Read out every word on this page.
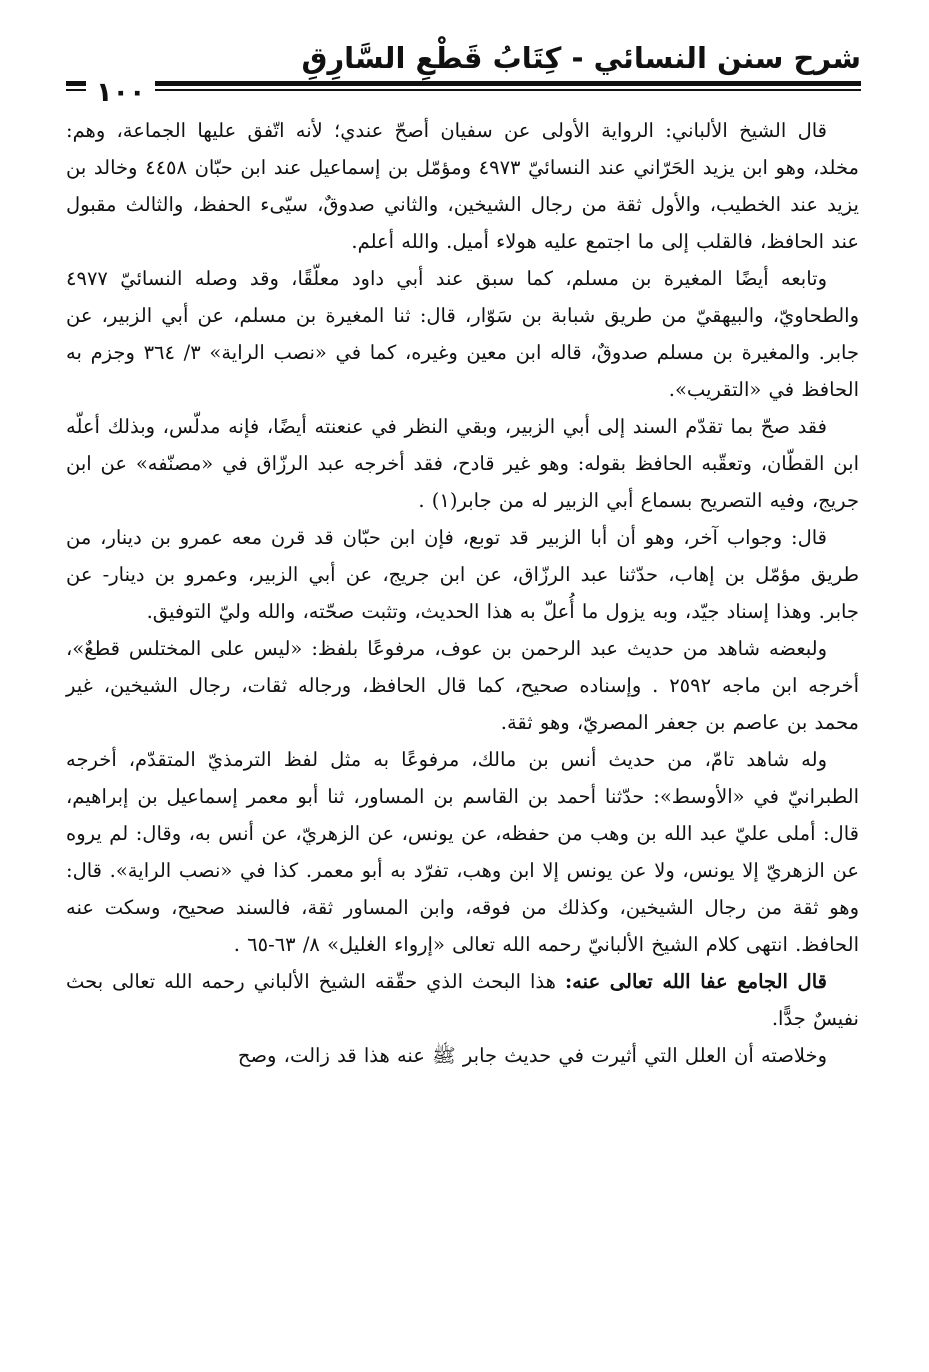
شرح سنن النسائي - كِتَابُ قَطْعِ السَّارِقِ
١٠٠

قال الشيخ الألباني: الرواية الأولى عن سفيان أصحّ عندي؛ لأنه اتّفق عليها الجماعة، وهم: مخلد، وهو ابن يزيد الحَرّاني عند النسائيّ ٤٩٧٣ ومؤمّل بن إسماعيل عند ابن حبّان ٤٤٥٨ وخالد بن يزيد عند الخطيب، والأول ثقة من رجال الشيخين، والثاني صدوقٌ، سيّىء الحفظ، والثالث مقبول عند الحافظ، فالقلب إلى ما اجتمع عليه هولاء أميل. والله أعلم.

وتابعه أيضًا المغيرة بن مسلم، كما سبق عند أبي داود معلّقًا، وقد وصله النسائيّ ٤٩٧٧ والطحاويّ، والبيهقيّ من طريق شبابة بن سَوّار، قال: ثنا المغيرة بن مسلم، عن أبي الزبير، عن جابر. والمغيرة بن مسلم صدوقٌ، قاله ابن معين وغيره، كما في «نصب الراية» ٣/ ٣٦٤ وجزم به الحافظ في «التقريب».

فقد صحّ بما تقدّم السند إلى أبي الزبير، وبقي النظر في عنعنته أيضًا، فإنه مدلّس، وبذلك أعلّه ابن القطّان، وتعقّبه الحافظ بقوله: وهو غير قادح، فقد أخرجه عبد الرزّاق في «مصنّفه» عن ابن جريج، وفيه التصريح بسماع أبي الزبير له من جابر(١) .

قال: وجواب آخر، وهو أن أبا الزبير قد توبع، فإن ابن حبّان قد قرن معه عمرو بن دينار، من طريق مؤمّل بن إهاب، حدّثنا عبد الرزّاق، عن ابن جريج، عن أبي الزبير، وعمرو بن دينار- عن جابر. وهذا إسناد جيّد، وبه يزول ما أُعلّ به هذا الحديث، وتثبت صحّته، والله وليّ التوفيق.

ولبعضه شاهد من حديث عبد الرحمن بن عوف، مرفوعًا بلفظ: «ليس على المختلس قطعٌ»، أخرجه ابن ماجه ٢٥٩٢ . وإسناده صحيح، كما قال الحافظ، ورجاله ثقات، رجال الشيخين، غير محمد بن عاصم بن جعفر المصريّ، وهو ثقة.

وله شاهد تامّ، من حديث أنس بن مالك، مرفوعًا به مثل لفظ الترمذيّ المتقدّم، أخرجه الطبرانيّ في «الأوسط»: حدّثنا أحمد بن القاسم بن المساور، ثنا أبو معمر إسماعيل بن إبراهيم، قال: أملى عليّ عبد الله بن وهب من حفظه، عن يونس، عن الزهريّ، عن أنس به، وقال: لم يروه عن الزهريّ إلا يونس، ولا عن يونس إلا ابن وهب، تفرّد به أبو معمر. كذا في «نصب الراية». قال: وهو ثقة من رجال الشيخين، وكذلك من فوقه، وابن المساور ثقة، فالسند صحيح، وسكت عنه الحافظ. انتهى كلام الشيخ الألبانيّ رحمه الله تعالى «إرواء الغليل» ٨/ ٦٣-٦٥ .

قال الجامع عفا الله تعالى عنه: هذا البحث الذي حقّقه الشيخ الألباني رحمه الله تعالى بحث نفيسٌ جدًّا.

وخلاصته أن العلل التي أثيرت في حديث جابر ﷺ عنه هذا قد زالت، وصح
